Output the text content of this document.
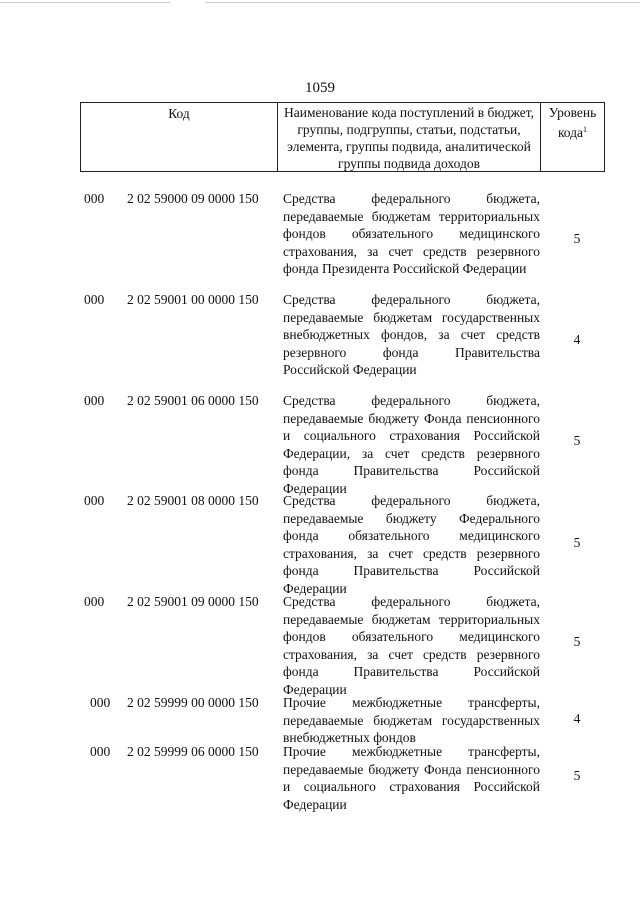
1059
Код	Наименование кода поступлений в бюджет, группы, подгруппы, статьи, подстатьи, элемента, группы подвида, аналитической группы подвида доходов
Уровень кода$^1$
000 2 02 59000 09 0000 150 Средства федерального бюджета, передаваемые бюджетам территориальных фондов обязательного медицинского страхования, за счет средств резервного фонда Президента Российской Федерации
5
000 2 02 59001 00 0000 150 Средства федерального бюджета, передаваемые бюджетам государственных внебюджетных фондов, за счет средств резервного фонда Правительства Российской Федерации
4
000 2 02 59001 06 0000 150 Средства федерального бюджета, передаваемые бюджету Фонда пенсионного и социального страхования Российской Федерации, за счет средств резервного фонда Правительства Российской Федерации
5
000 2 02 59001 08 0000 150 Средства федерального бюджета, передаваемые бюджету Федерального фонда обязательного медицинского страхования, за счет средств резервного фонда Правительства Российской Федерации
5
000 2 02 59001 09 0000 150 Средства федерального бюджета, передаваемые бюджетам территориальных фондов обязательного медицинского страхования, за счет средств резервного фонда Правительства Российской Федерации
5
000 2 02 59999 00 0000 150 Прочие межбюджетные трансферты, передаваемые бюджетам государственных внебюджетных фондов
4
000 2 02 59999 06 0000 150 Прочие межбюджетные трансферты, передаваемые бюджету Фонда пенсионного и социального страхования Российской Федерации
5
